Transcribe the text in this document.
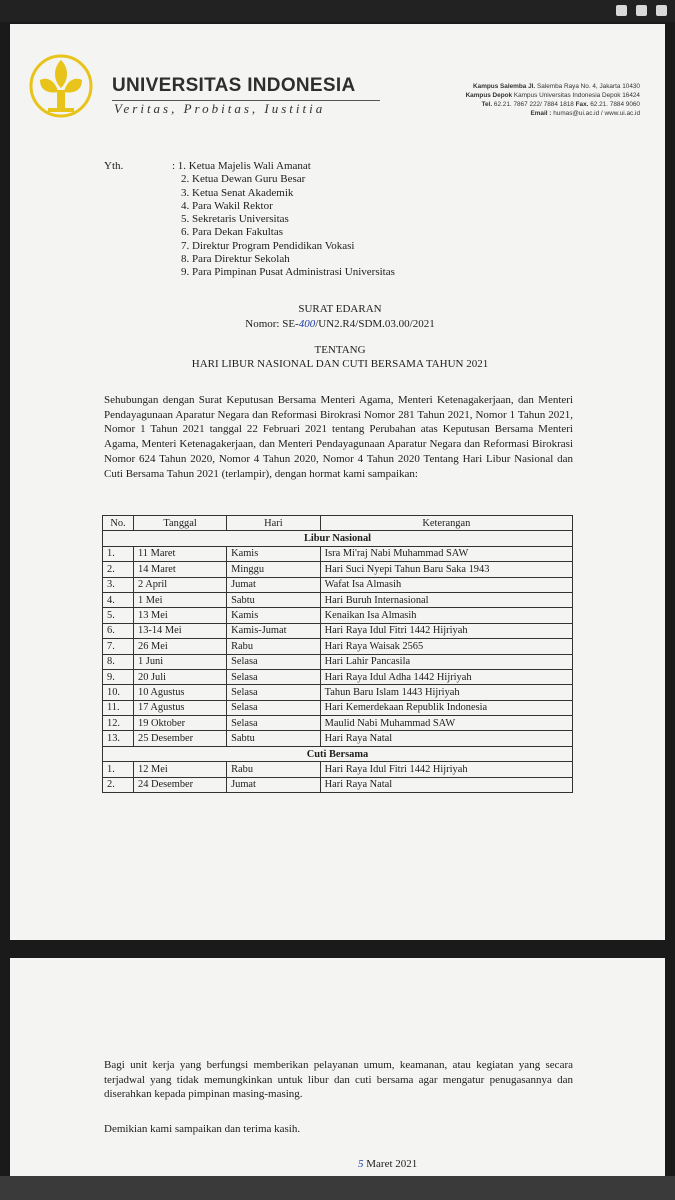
UNIVERSITAS INDONESIA
Veritas, Probitas, Iustitia
Kampus Salemba Jl. Salemba Raya No. 4, Jakarta 10430
Kampus Depok Kampus Universitas Indonesia Depok 16424
Tel. 62.21. 7867 222/ 7884 1818 Fax. 62.21. 7884 9060
Email : humas@ui.ac.id / www.ui.ac.id
Yth.	: 1. Ketua Majelis Wali Amanat
2. Ketua Dewan Guru Besar
3. Ketua Senat Akademik
4. Para Wakil Rektor
5. Sekretaris Universitas
6. Para Dekan Fakultas
7. Direktur Program Pendidikan Vokasi
8. Para Direktur Sekolah
9. Para Pimpinan Pusat Administrasi Universitas
SURAT EDARAN
Nomor: SE-400/UN2.R4/SDM.03.00/2021
TENTANG
HARI LIBUR NASIONAL DAN CUTI BERSAMA TAHUN 2021
Sehubungan dengan Surat Keputusan Bersama Menteri Agama, Menteri Ketenagakerjaan, dan Menteri Pendayagunaan Aparatur Negara dan Reformasi Birokrasi Nomor 281 Tahun 2021, Nomor 1 Tahun 2021, Nomor 1 Tahun 2021 tanggal 22 Februari 2021 tentang Perubahan atas Keputusan Bersama Menteri Agama, Menteri Ketenagakerjaan, dan Menteri Pendayagunaan Aparatur Negara dan Reformasi Birokrasi Nomor 624 Tahun 2020, Nomor 4 Tahun 2020, Nomor 4 Tahun 2020 Tentang Hari Libur Nasional dan Cuti Bersama Tahun 2021 (terlampir), dengan hormat kami sampaikan:
No.	Tanggal	Hari	Keterangan
Libur Nasional			
1.	11 Maret	Kamis	Isra Mi'raj Nabi Muhammad SAW
2.	14 Maret	Minggu	Hari Suci Nyepi Tahun Baru Saka 1943
3.	2 April	Jumat	Wafat Isa Almasih
4.	1 Mei	Sabtu	Hari Buruh Internasional
5.	13 Mei	Kamis	Kenaikan Isa Almasih
6.	13-14 Mei	Kamis-Jumat	Hari Raya Idul Fitri 1442 Hijriyah
7.	26 Mei	Rabu	Hari Raya Waisak 2565
8.	1 Juni	Selasa	Hari Lahir Pancasila
9.	20 Juli	Selasa	Hari Raya Idul Adha 1442 Hijriyah
10.	10 Agustus	Selasa	Tahun Baru Islam 1443 Hijriyah
11.	17 Agustus	Selasa	Hari Kemerdekaan Republik Indonesia
12.	19 Oktober	Selasa	Maulid Nabi Muhammad SAW
13.	25 Desember	Sabtu	Hari Raya Natal
Cuti Bersama			
1.	12 Mei	Rabu	Hari Raya Idul Fitri 1442 Hijriyah
2.	24 Desember	Jumat	Hari Raya Natal
Bagi unit kerja yang berfungsi memberikan pelayanan umum, keamanan, atau kegiatan yang secara terjadwal yang tidak memungkinkan untuk libur dan cuti bersama agar mengatur penugasannya dan diserahkan kepada pimpinan masing-masing.
Demikian kami sampaikan dan terima kasih.
5 Maret 2021
